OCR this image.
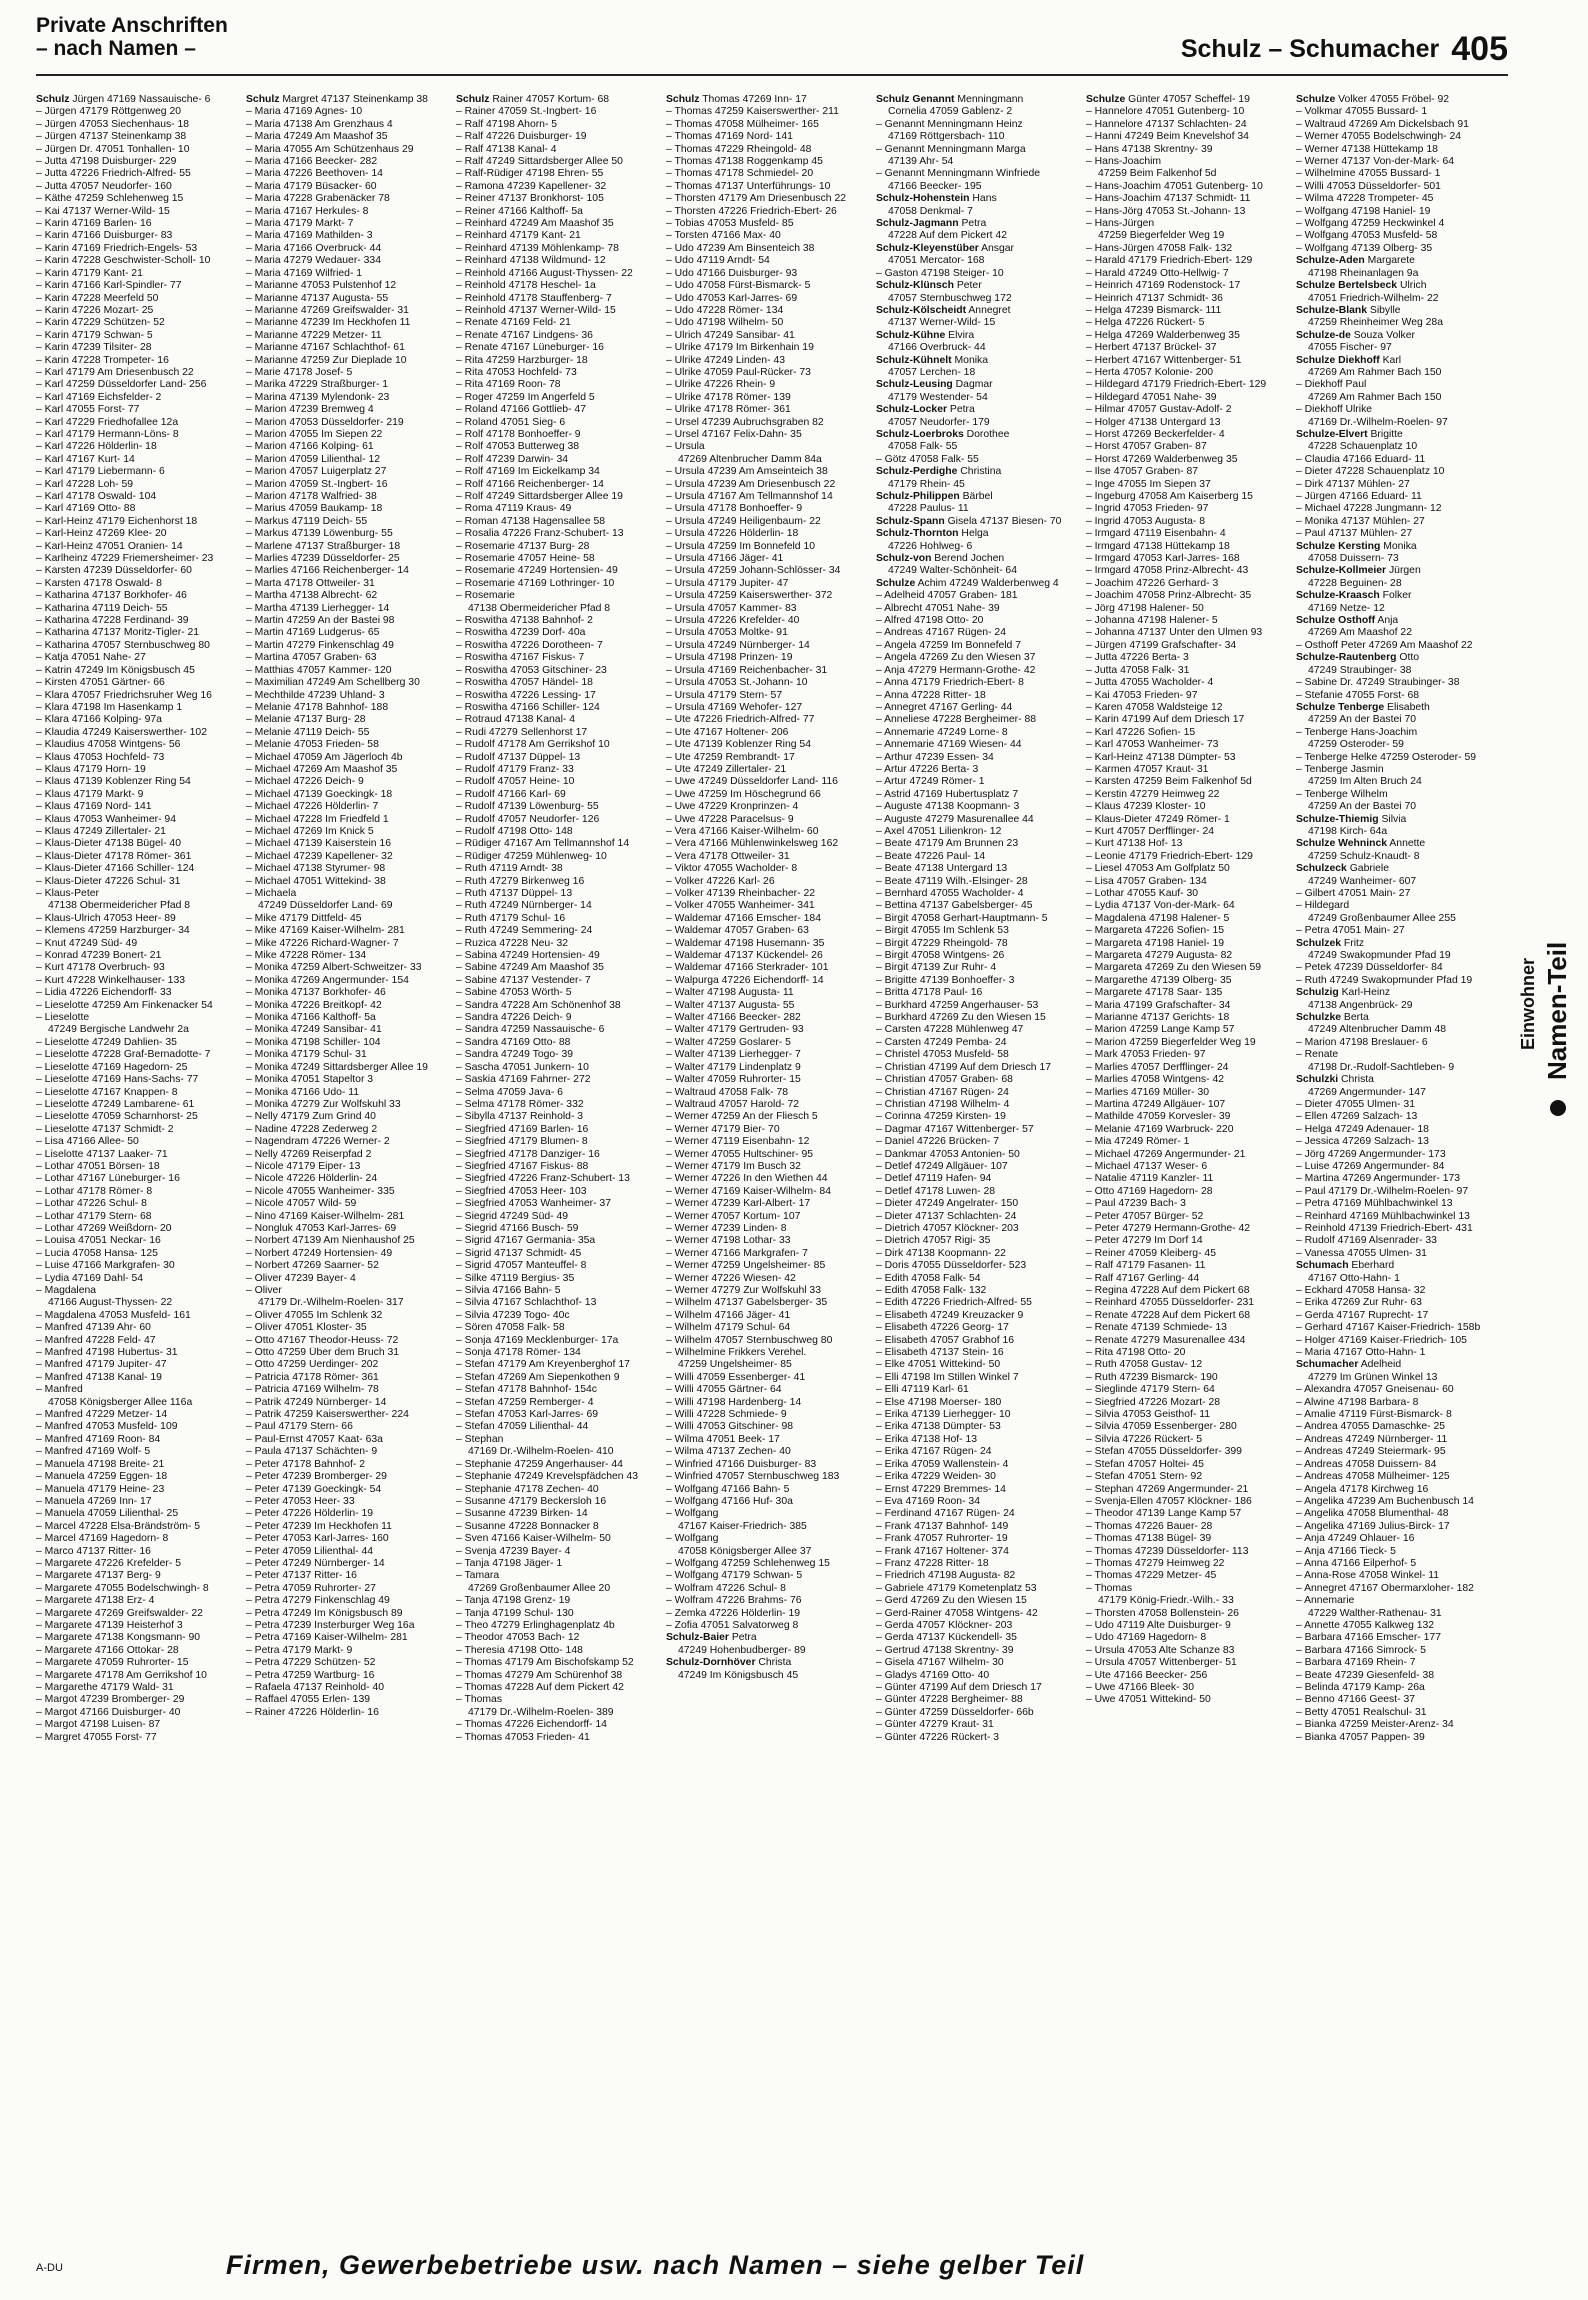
Private Anschriften
– nach Namen –	Schulz – Schumacher 405
Schulz Jürgen 47169 Nassauische- 6
– Jürgen 47179 Röttgenweg 20
– Jürgen 47053 Siechenhaus- 18
– Jürgen 47137 Steinenkamp 38
– Jürgen Dr. 47051 Tonhallen- 10
– Jutta 47198 Duisburger- 229
– Jutta 47226 Friedrich-Alfred- 55
– Jutta 47057 Neudorfer- 160
– Käthe 47259 Schlehenweg 15
– Kai 47137 Werner-Wild- 15
– Karin 47169 Barlen- 16
– Karin 47166 Duisburger- 83
– Karin 47169 Friedrich-Engels- 53
– Karin 47228 Geschwister-Scholl- 10
– Karin 47179 Kant- 21
– Karin 47166 Karl-Spindler- 77
– Karin 47228 Meerfeld 50
– Karin 47226 Mozart- 25
– Karin 47229 Schützen- 52
– Karin 47179 Schwan- 5
– Karin 47239 Tilsiter- 28
– Karin 47228 Trompeter- 16
– Karl 47179 Am Driesenbusch 22
– Karl 47259 Düsseldorfer Land- 256
– Karl 47169 Eichsfelder- 2
– Karl 47055 Forst- 77
– Karl 47229 Friedhofallee 12a
– Karl 47179 Hermann-Löns- 8
– Karl 47226 Hölderlin- 18
– Karl 47167 Kurt- 14
– Karl 47179 Liebermann- 6
– Karl 47228 Loh- 59
– Karl 47178 Oswald- 104
– Karl 47169 Otto- 88
– Karl-Heinz 47179 Eichenhorst 18
– Karl-Heinz 47269 Klee- 20
– Karl-Heinz 47051 Oranien- 14
– Karlheinz 47229 Friemersheimer- 23
– Karsten 47239 Düsseldorfer- 60
– Karsten 47178 Oswald- 8
– Katharina 47137 Borkhofer- 46
– Katharina 47119 Deich- 55
– Katharina 47228 Ferdinand- 39
– Katharina 47137 Moritz-Tigler- 21
– Katharina 47057 Sternbuschweg 80
– Katja 47051 Nahe- 27
– Katrin 47249 Im Königsbusch 45
– Kirsten 47051 Gärtner- 66
– Klara 47057 Friedrichsruher Weg 16
– Klara 47198 Im Hasenkamp 1
– Klara 47166 Kolping- 97a
– Klaudia 47249 Kaiserswerther- 102
– Klaudius 47058 Wintgens- 56
– Klaus 47053 Hochfeld- 73
– Klaus 47179 Horn- 19
– Klaus 47139 Koblenzer Ring 54
– Klaus 47179 Markt- 9
– Klaus 47169 Nord- 141
– Klaus 47053 Wanheimer- 94
– Klaus 47249 Zillertaler- 21
– Klaus-Dieter 47138 Bügel- 40
– Klaus-Dieter 47178 Römer- 361
– Klaus-Dieter 47166 Schiller- 124
– Klaus-Dieter 47226 Schul- 31
– Klaus-Peter
47138 Obermeidericher Pfad 8
– Klaus-Ulrich 47053 Heer- 89
– Klemens 47259 Harzburger- 34
– Knut 47249 Süd- 49
– Konrad 47239 Bonert- 21
– Kurt 47178 Overbruch- 93
– Kurt 47228 Winkelhauser- 133
– Lidia 47226 Eichendorff- 33
– Lieselotte 47259 Am Finkenacker 54
– Lieselotte
47249 Bergische Landwehr 2a
– Lieselotte 47249 Dahlien- 35
– Lieselotte 47228 Graf-Bernadotte- 7
– Lieselotte 47169 Hagedorn- 25
– Lieselotte 47169 Hans-Sachs- 77
– Lieselotte 47167 Knappen- 8
– Lieselotte 47249 Lambarene- 61
– Lieselotte 47059 Scharnhorst- 25
– Lieselotte 47137 Schmidt- 2
– Lisa 47166 Allee- 50
– Liselotte 47137 Laaker- 71
– Lothar 47051 Börsen- 18
– Lothar 47167 Lüneburger- 16
– Lothar 47178 Römer- 8
– Lothar 47226 Schul- 8
– Lothar 47179 Stern- 68
– Lothar 47269 Weißdorn- 20
– Louisa 47051 Neckar- 16
– Lucia 47058 Hansa- 125
– Luise 47166 Markgrafen- 30
– Lydia 47169 Dahl- 54
– Magdalena
47166 August-Thyssen- 22
– Magdalena 47053 Musfeld- 161
– Manfred 47139 Ahr- 60
– Manfred 47228 Feld- 47
– Manfred 47198 Hubertus- 31
– Manfred 47179 Jupiter- 47
– Manfred 47138 Kanal- 19
– Manfred
47058 Königsberger Allee 116a
– Manfred 47229 Metzer- 14
– Manfred 47053 Musfeld- 109
– Manfred 47169 Roon- 84
– Manfred 47169 Wolf- 5
– Manuela 47198 Breite- 21
– Manuela 47259 Eggen- 18
– Manuela 47179 Heine- 23
– Manuela 47269 Inn- 17
– Manuela 47059 Lilienthal- 25
– Marcel 47228 Elsa-Brändström- 5
– Marcel 47169 Hagedorn- 8
– Marco 47137 Ritter- 16
– Margarete 47226 Krefelder- 5
– Margarete 47137 Berg- 9
– Margarete 47055 Bodelschwingh- 8
– Margarete 47138 Erz- 4
– Margarete 47269 Greifswalder- 22
– Margarete 47139 Heisterhof 3
– Margarete 47138 Kongsmann- 90
– Margarete 47166 Ottokar- 28
– Margarete 47059 Ruhrorter- 15
– Margarete 47178 Am Gerrikshof 10
– Margarethe 47179 Wald- 31
– Margot 47239 Bromberger- 29
– Margot 47166 Duisburger- 40
– Margot 47198 Luisen- 87
– Margret 47055 Forst- 77
Schulz Margret 47137 Steinenkamp 38
– Maria 47169 Agnes- 10
– Maria 47138 Am Grenzhaus 4
– Maria 47249 Am Maashof 35
– Maria 47055 Am Schützenhaus 29
– Maria 47166 Beecker- 282
– Maria 47226 Beethoven- 14
– Maria 47179 Büsacker- 60
– Maria 47228 Grabenäcker 78
– Maria 47167 Herkules- 8
– Maria 47179 Markt- 7
– Maria 47169 Mathilden- 3
– Maria 47166 Overbruck- 44
– Maria 47279 Wedauer- 334
– Maria 47169 Wilfried- 1
– Marianne 47053 Pulstenhof 12
– Marianne 47137 Augusta- 55
– Marianne 47269 Greifswalder- 31
– Marianne 47239 Im Heckhofen 11
– Marianne 47229 Metzer- 11
– Marianne 47167 Schlachthof- 61
– Marianne 47259 Zur Dieplade 10
– Marie 47178 Josef- 5
– Marika 47229 Straßburger- 1
– Marina 47139 Mylendonk- 23
– Marion 47239 Bremweg 4
– Marion 47053 Düsseldorfer- 219
– Marion 47055 Im Siepen 22
– Marion 47166 Kolping- 61
– Marion 47059 Lilienthal- 12
– Marion 47057 Luigerplatz 27
– Marion 47059 St.-Ingbert- 16
– Marion 47178 Walfried- 38
– Marius 47059 Baukamp- 18
– Markus 47119 Deich- 55
– Markus 47139 Löwenburg- 55
– Marlene 47137 Straßburger- 18
– Marlies 47239 Düsseldorfer- 25
– Marlies 47166 Reichenberger- 14
– Marta 47178 Ottweiler- 31
– Martha 47138 Albrecht- 62
– Martha 47139 Lierhegger- 14
– Martin 47259 An der Bastei 98
– Martin 47169 Ludgerus- 65
– Martin 47279 Finkenschlag 49
– Martina 47057 Graben- 63
– Matthias 47057 Kammer- 120
– Maximilian 47249 Am Schellberg 30
– Mechthilde 47239 Uhland- 3
– Melanie 47178 Bahnhof- 188
– Melanie 47137 Burg- 28
– Melanie 47119 Deich- 55
– Melanie 47053 Frieden- 58
– Michael 47059 Am Jägerloch 4b
– Michael 47269 Am Maashof 35
– Michael 47226 Deich- 9
– Michael 47139 Goeckingk- 18
– Michael 47226 Hölderlin- 7
– Michael 47228 Im Friedfeld 1
– Michael 47269 Im Knick 5
– Michael 47139 Kaiserstein 16
– Michael 47239 Kapellener- 32
– Michael 47138 Styrumer- 98
– Michael 47051 Wittekind- 38
– Michaela
47249 Düsseldorfer Land- 69
– Mike 47179 Dittfeld- 45
– Mike 47169 Kaiser-Wilhelm- 281
– Mike 47226 Richard-Wagner- 7
– Mike 47228 Römer- 134
– Monika 47259 Albert-Schweitzer- 33
– Monika 47269 Angermunder- 154
– Monika 47137 Borkhofer- 46
– Monika 47226 Breitkopf- 42
– Monika 47166 Kalthoff- 5a
– Monika 47249 Sansibar- 41
– Monika 47198 Schiller- 104
– Monika 47179 Schul- 31
– Monika 47249 Sittardsberger Allee 19
– Monika 47051 Stapeltor 3
– Monika 47166 Udo- 11
– Monika 47279 Zur Wolfskuhl 33
– Nelly 47179 Zum Grind 40
– Nadine 47228 Zederweg 2
– Nagendram 47226 Werner- 2
– Nelly 47269 Reiserpfad 2
– Nicole 47179 Eiper- 13
– Nicole 47226 Hölderlin- 24
– Nicole 47055 Wanheimer- 335
– Nicole 47057 Wild- 59
– Nino 47169 Kaiser-Wilhelm- 281
– Nongluk 47053 Karl-Jarres- 69
– Norbert 47139 Am Nienhaushof 25
– Norbert 47249 Hortensien- 49
– Norbert 47269 Saarner- 52
– Oliver 47239 Bayer- 4
– Oliver
47179 Dr.-Wilhelm-Roelen- 317
– Oliver 47055 Im Schlenk 32
– Oliver 47051 Kloster- 35
– Otto 47167 Theodor-Heuss- 72
– Otto 47259 Über dem Bruch 31
– Otto 47259 Uerdinger- 202
– Patricia 47178 Römer- 361
– Patricia 47169 Wilhelm- 78
– Patrik 47249 Nürnberger- 14
– Patrik 47259 Kaiserswerther- 224
– Paul 47179 Stern- 66
– Paul-Ernst 47057 Kaat- 63a
– Paula 47137 Schächten- 9
– Peter 47178 Bahnhof- 2
– Peter 47239 Bromberger- 29
– Peter 47139 Goeckingk- 54
– Peter 47053 Heer- 33
– Peter 47226 Hölderlin- 19
– Peter 47239 Im Heckhofen 11
– Peter 47053 Karl-Jarres- 160
– Peter 47059 Lilienthal- 44
– Peter 47249 Nürnberger- 14
– Peter 47137 Ritter- 16
– Petra 47059 Ruhrorter- 27
– Petra 47279 Finkenschlag 49
– Petra 47249 Im Königsbusch 89
– Petra 47239 Insterburger Weg 16a
– Petra 47169 Kaiser-Wilhelm- 281
– Petra 47179 Markt- 9
– Petra 47229 Schützen- 52
– Petra 47259 Wartburg- 16
– Rafaela 47137 Reinhold- 40
– Raffael 47055 Erlen- 139
– Rainer 47226 Hölderlin- 16
Schulz Rainer 47057 Kortum- 68
– Rainer 47059 St.-Ingbert- 16
– Ralf 47198 Ahorn- 5
– Ralf 47226 Duisburger- 19
– Ralf 47138 Kanal- 4
– Ralf 47249 Sittardsberger Allee 50
– Ralf-Rüdiger 47198 Ehren- 55
– Ramona 47239 Kapellener- 32
– Reiner 47137 Bronkhorst- 105
– Reiner 47166 Kalthoff- 5a
– Reinhard 47249 Am Maashof 35
– Reinhard 47179 Kant- 21
– Reinhard 47139 Möhlenkamp- 78
– Reinhard 47138 Wildmund- 12
– Reinhold 47166 August-Thyssen- 22
– Reinhold 47178 Heschel- 1a
– Reinhold 47178 Stauffenberg- 7
– Reinhold 47137 Werner-Wild- 15
– Renate 47169 Feld- 21
– Renate 47167 Lindgens- 36
– Renate 47167 Lüneburger- 16
– Rita 47259 Harzburger- 18
– Rita 47053 Hochfeld- 73
– Rita 47169 Roon- 78
– Roger 47259 Im Angerfeld 5
– Roland 47166 Gottlieb- 47
– Roland 47051 Sieg- 6
– Rolf 47178 Bonhoeffer- 9
– Rolf 47053 Butterweg 38
– Rolf 47239 Darwin- 34
– Rolf 47169 Im Eickelkamp 34
– Rolf 47166 Reichenberger- 14
– Rolf 47249 Sittardsberger Allee 19
– Roma 47119 Kraus- 49
– Roman 47138 Hagensallee 58
– Rosalia 47226 Franz-Schubert- 13
– Rosemarie 47137 Burg- 28
– Rosemarie 47057 Heine- 58
– Rosemarie 47249 Hortensien- 49
– Rosemarie 47169 Lothringer- 10
– Rosemarie
47138 Obermeidericher Pfad 8
– Roswitha 47138 Bahnhof- 2
– Roswitha 47239 Dorf- 40a
– Roswitha 47226 Dorotheen- 7
– Roswitha 47167 Fiskus- 7
– Roswitha 47053 Gitschiner- 23
– Roswitha 47057 Händel- 18
– Roswitha 47226 Lessing- 17
– Roswitha 47166 Schiller- 124
– Rotraud 47138 Kanal- 4
– Rudi 47279 Sellenhorst 17
– Rudolf 47178 Am Gerrikshof 10
– Rudolf 47137 Düppel- 13
– Rudolf 47179 Franz- 33
– Rudolf 47057 Heine- 10
– Rudolf 47166 Karl- 69
– Rudolf 47139 Löwenburg- 55
– Rudolf 47057 Neudorfer- 126
– Rudolf 47198 Otto- 148
– Rüdiger 47167 Am Tellmannshof 14
– Rüdiger 47259 Mühlenweg- 10
– Ruth 47119 Arndt- 38
– Ruth 47279 Birkenweg 16
– Ruth 47137 Düppel- 13
– Ruth 47249 Nürnberger- 14
– Ruth 47179 Schul- 16
– Ruth 47249 Semmering- 24
– Ruzica 47228 Neu- 32
– Sabina 47249 Hortensien- 49
– Sabine 47249 Am Maashof 35
– Sabine 47137 Vestender- 7
– Sabine 47053 Wörth- 5
– Sandra 47228 Am Schönenhof 38
– Sandra 47226 Deich- 9
– Sandra 47259 Nassauische- 6
– Sandra 47169 Otto- 88
– Sandra 47249 Togo- 39
– Sascha 47051 Junkern- 10
– Saskia 47169 Fahrner- 272
– Selma 47059 Java- 6
– Selma 47178 Römer- 332
– Sibylla 47137 Reinhold- 3
– Siegfried 47169 Barlen- 16
– Siegfried 47179 Blumen- 8
– Siegfried 47178 Danziger- 16
– Siegfried 47167 Fiskus- 88
– Siegfried 47226 Franz-Schubert- 13
– Siegfried 47053 Heer- 103
– Siegfried 47053 Wanheimer- 37
– Siegrid 47249 Süd- 49
– Siegrid 47166 Busch- 59
– Sigrid 47167 Germania- 35a
– Sigrid 47137 Schmidt- 45
– Sigrid 47057 Manteuffel- 8
– Silke 47119 Bergius- 35
– Silvia 47166 Bahn- 5
– Silvia 47167 Schlachthof- 13
– Silvia 47239 Togo- 40c
– Sören 47058 Falk- 58
– Sonja 47169 Mecklenburger- 17a
– Sonja 47178 Römer- 134
– Stefan 47179 Am Kreyenberghof 17
– Stefan 47269 Am Siepenkothen 9
– Stefan 47178 Bahnhof- 154c
– Stefan 47259 Remberger- 4
– Stefan 47053 Karl-Jarres- 69
– Stefan 47059 Lilienthal- 44
– Stephan
47169 Dr.-Wilhelm-Roelen- 410
– Stephanie 47259 Angerhauser- 44
– Stephanie 47249 Krevelspfädchen 43
– Stephanie 47178 Zechen- 40
– Susanne 47179 Beckersloh 16
– Susanne 47239 Birken- 14
– Susanne 47228 Bonnacker 8
– Sven 47166 Kaiser-Wilhelm- 50
– Svenja 47239 Bayer- 4
– Tanja 47198 Jäger- 1
– Tamara
47269 Großenbaumer Allee 20
– Tanja 47198 Grenz- 19
– Tanja 47199 Schul- 130
– Theo 47279 Erlinghagenplatz 4b
– Theodor 47053 Bach- 12
– Theresia 47198 Otto- 148
– Thomas 47179 Am Bischofskamp 52
– Thomas 47279 Am Schürenhof 38
– Thomas 47228 Auf dem Pickert 42
– Thomas
47179 Dr.-Wilhelm-Roelen- 389
– Thomas 47226 Eichendorff- 14
– Thomas 47053 Frieden- 41
Schulz Thomas 47269 Inn- 17
– Thomas 47259 Kaiserswerther- 211
– Thomas 47058 Mülheimer- 165
– Thomas 47169 Nord- 141
– Thomas 47229 Rheingold- 48
– Thomas 47138 Roggenkamp 45
– Thomas 47178 Schmiedel- 20
– Thomas 47137 Unterführungs- 10
– Thorsten 47179 Am Driesenbusch 22
– Thorsten 47226 Friedrich-Ebert- 26
– Tobias 47053 Musfeld- 85
– Torsten 47166 Max- 40
– Udo 47239 Am Binsenteich 38
– Udo 47119 Arndt- 54
– Udo 47166 Duisburger- 93
– Udo 47058 Fürst-Bismarck- 5
– Udo 47053 Karl-Jarres- 69
– Udo 47228 Römer- 134
– Udo 47198 Wilhelm- 50
– Ulrich 47249 Sansibar- 41
– Ulrike 47179 Im Birkenhain 19
– Ulrike 47249 Linden- 43
– Ulrike 47059 Paul-Rücker- 73
– Ulrike 47226 Rhein- 9
– Ulrike 47178 Römer- 139
– Ulrike 47178 Römer- 361
– Ursel 47239 Aubruchsgraben 82
– Ursel 47167 Felix-Dahn- 35
– Ursula
47269 Altenbrucher Damm 84a
– Ursula 47239 Am Amseinteich 38
– Ursula 47239 Am Driesenbusch 22
– Ursula 47167 Am Tellmannshof 14
– Ursula 47178 Bonhoeffer- 9
– Ursula 47249 Heiligenbaum- 22
– Ursula 47226 Hölderlin- 18
– Ursula 47259 Im Bonnefeld 10
– Ursula 47166 Jäger- 41
– Ursula 47259 Johann-Schlösser- 34
– Ursula 47179 Jupiter- 47
– Ursula 47259 Kaiserswerther- 372
– Ursula 47057 Kammer- 83
– Ursula 47226 Krefelder- 40
– Ursula 47053 Moltke- 91
– Ursula 47249 Nürnberger- 14
– Ursula 47198 Prinzen- 19
– Ursula 47169 Reichenbacher- 31
– Ursula 47053 St.-Johann- 10
– Ursula 47179 Stern- 57
– Ursula 47169 Wehofer- 127
– Ute 47226 Friedrich-Alfred- 77
– Ute 47167 Holtener- 206
– Ute 47139 Koblenzer Ring 54
– Ute 47259 Rembrandt- 17
– Ute 47249 Zillertaler- 21
– Uwe 47249 Düsseldorfer Land- 116
– Uwe 47259 Im Höschegrund 66
– Uwe 47229 Kronprinzen- 4
– Uwe 47228 Paracelsus- 9
– Vera 47166 Kaiser-Wilhelm- 60
– Vera 47166 Mühlenwinkelsweg 162
– Vera 47178 Ottweiler- 31
– Viktor 47055 Wacholder- 8
– Volker 47226 Karl- 26
– Volker 47139 Rheinbacher- 22
– Volker 47055 Wanheimer- 341
– Waldemar 47166 Emscher- 184
– Waldemar 47057 Graben- 63
– Waldemar 47198 Husemann- 35
– Waldemar 47137 Kückendel- 26
– Waldemar 47166 Sterkrader- 101
– Walpurga 47226 Eichendorff- 14
– Walter 47198 Augusta- 11
– Walter 47137 Augusta- 55
– Walter 47166 Beecker- 282
– Walter 47179 Gertruden- 93
– Walter 47259 Goslarer- 5
– Walter 47139 Lierhegger- 7
– Walter 47179 Lindenplatz 9
– Walter 47059 Ruhrorter- 15
– Waltraud 47058 Falk- 78
– Waltraud 47057 Harold- 72
– Werner 47259 An der Fliesch 5
– Werner 47179 Bier- 70
– Werner 47119 Eisenbahn- 12
– Werner 47055 Hultschiner- 95
– Werner 47179 Im Busch 32
– Werner 47226 In den Wiethen 44
– Werner 47169 Kaiser-Wilhelm- 84
– Werner 47239 Karl-Albert- 17
– Werner 47057 Kortum- 107
– Werner 47239 Linden- 8
– Werner 47198 Lothar- 33
– Werner 47166 Markgrafen- 7
– Werner 47259 Ungelsheimer- 85
– Werner 47226 Wiesen- 42
– Werner 47279 Zur Wolfskuhl 33
– Wilhelm 47137 Gabelsberger- 35
– Wilhelm 47166 Jäger- 41
– Wilhelm 47179 Schul- 64
– Wilhelm 47057 Sternbuschweg 80
– Wilhelmine Frikkers Verehel.
47259 Ungelsheimer- 85
– Willi 47059 Essenberger- 41
– Willi 47055 Gärtner- 64
– Willi 47198 Hardenberg- 14
– Willi 47228 Schmiede- 9
– Willi 47053 Gitschiner- 98
– Wilma 47051 Beek- 17
– Wilma 47137 Zechen- 40
– Winfried 47166 Duisburger- 83
– Winfried 47057 Sternbuschweg 183
– Wolfgang 47166 Bahn- 5
– Wolfgang 47166 Huf- 30a
– Wolfgang
47167 Kaiser-Friedrich- 385
– Wolfgang
47058 Königsberger Allee 37
– Wolfgang 47259 Schlehenweg 15
– Wolfgang 47179 Schwan- 5
– Wolfram 47226 Schul- 8
– Wolfram 47226 Brahms- 76
– Zemka 47226 Hölderlin- 19
– Zofia 47051 Salvatorweg 8
Schulz-Baier Petra
47249 Hohenbudberger- 89
Schulz-Dornhöver Christa
47249 Im Königsbusch 45
Schulz Genannt Menningmann
Cornelia 47059 Gablenz- 2
– Genannt Menningmann Heinz
47169 Röttgersbach- 110
– Genannt Menningmann Marga
47139 Ahr- 54
– Genannt Menningmann Winfriede
47166 Beecker- 195
Schulz-Hohenstein Hans
47058 Denkmal- 7
Schulz-Jagmann Petra
47228 Auf dem Pickert 42
Schulz-Kleyenstüber Ansgar
47051 Mercator- 168
– Gaston 47198 Steiger- 10
Schulz-Klünsch Peter
47057 Sternbuschweg 172
Schulz-Kölscheidt Annegret
47137 Werner-Wild- 15
Schulz-Kühne Elvira
47166 Overbruck- 44
Schulz-Kühnelt Monika
47057 Lerchen- 18
Schulz-Leusing Dagmar
47179 Westender- 54
Schulz-Locker Petra
47057 Neudorfer- 179
Schulz-Loerbroks Dorothee
47058 Falk- 55
– Götz 47058 Falk- 55
Schulz-Perdighe Christina
47179 Rhein- 45
Schulz-Philippen Bärbel
47228 Paulus- 11
Schulz-Spann Gisela 47137 Biesen- 70
Schulz-Thornton Helga
47226 Hohlweg- 6
Schulz-von Berend Jochen
47249 Walter-Schönheit- 64
Schulze Achim 47249 Walderbenweg 4
– Adelheid 47057 Graben- 181
– Albrecht 47051 Nahe- 39
– Alfred 47198 Otto- 20
– Andreas 47167 Rügen- 24
– Angela 47259 Im Bonnefeld 7
– Angela 47269 Zu den Wiesen 37
– Anja 47279 Hermann-Grothe- 42
– Anna 47179 Friedrich-Ebert- 8
– Anna 47228 Ritter- 18
– Annegret 47167 Gerling- 44
– Anneliese 47228 Bergheimer- 88
– Annemarie 47249 Lorne- 8
– Annemarie 47169 Wiesen- 44
– Arthur 47239 Essen- 34
– Artur 47226 Berta- 3
– Artur 47249 Römer- 1
– Astrid 47169 Hubertusplatz 7
– Auguste 47138 Koopmann- 3
– Auguste 47279 Masurenallee 44
– Axel 47051 Lilienkron- 12
– Beate 47179 Am Brunnen 23
– Beate 47226 Paul- 14
– Beate 47138 Untergard 13
– Beate 47119 Wilh.-Elsinger- 28
– Bernhard 47055 Wacholder- 4
– Bettina 47137 Gabelsberger- 45
– Birgit 47058 Gerhart-Hauptmann- 5
– Birgit 47055 Im Schlenk 53
– Birgit 47229 Rheingold- 78
– Birgit 47058 Wintgens- 26
– Birgit 47139 Zur Ruhr- 4
– Brigitte 47139 Bonhoeffer- 3
– Britta 47178 Paul- 16
– Burkhard 47259 Angerhauser- 53
– Burkhard 47269 Zu den Wiesen 15
– Carsten 47228 Mühlenweg 47
– Carsten 47249 Pemba- 24
– Christel 47053 Musfeld- 58
– Christian 47199 Auf dem Driesch 17
– Christian 47057 Graben- 68
– Christian 47167 Rügen- 24
– Christian 47198 Wilhelm- 4
– Corinna 47259 Kirsten- 19
– Dagmar 47167 Wittenberger- 57
– Daniel 47226 Brücken- 7
– Dankmar 47053 Antonien- 50
– Detlef 47249 Allgäuer- 107
– Detlef 47119 Hafen- 94
– Detlef 47178 Luwen- 28
– Dieter 47249 Angelrater- 150
– Dieter 47137 Schlachten- 24
– Dietrich 47057 Klöckner- 203
– Dietrich 47057 Rigi- 35
– Dirk 47138 Koopmann- 22
– Doris 47055 Düsseldorfer- 523
– Edith 47058 Falk- 54
– Edith 47058 Falk- 132
– Edith 47226 Friedrich-Alfred- 55
– Elisabeth 47249 Kreuzacker 9
– Elisabeth 47226 Georg- 17
– Elisabeth 47057 Grabhof 16
– Elisabeth 47137 Stein- 16
– Elke 47051 Wittekind- 50
– Elli 47198 Im Stillen Winkel 7
– Elli 47119 Karl- 61
– Else 47198 Moerser- 180
– Erika 47139 Lierhegger- 10
– Erika 47138 Dümpter- 53
– Erika 47138 Hof- 13
– Erika 47167 Rügen- 24
– Erika 47059 Wallenstein- 4
– Erika 47229 Weiden- 30
– Ernst 47229 Bremmes- 14
– Eva 47169 Roon- 34
– Ferdinand 47167 Rügen- 24
– Frank 47137 Bahnhof- 149
– Frank 47057 Ruhrorter- 19
– Frank 47167 Holtener- 374
– Franz 47228 Ritter- 18
– Friedrich 47198 Augusta- 82
– Gabriele 47179 Kometenplatz 53
– Gerd 47269 Zu den Wiesen 15
– Gerd-Rainer 47058 Wintgens- 42
– Gerda 47057 Klöckner- 203
– Gerda 47137 Kückendell- 35
– Gertrud 47138 Skrentny- 39
– Gisela 47167 Wilhelm- 30
– Gladys 47169 Otto- 40
– Günter 47199 Auf dem Driesch 17
– Günter 47228 Bergheimer- 88
– Günter 47259 Düsseldorfer- 66b
– Günter 47279 Kraut- 31
– Günter 47226 Rückert- 3
Schulze Günter 47057 Scheffel- 19
– Hannelore 47051 Gutenberg- 10
– Hannelore 47137 Schlachten- 24
– Hanni 47249 Beim Knevelshof 34
– Hans 47138 Skrentny- 39
– Hans-Joachim
47259 Beim Falkenhof 5d
– Hans-Joachim 47051 Gutenberg- 10
– Hans-Joachim 47137 Schmidt- 11
– Hans-Jörg 47053 St.-Johann- 13
– Hans-Jürgen
47259 Biegerfelder Weg 19
– Hans-Jürgen 47058 Falk- 132
– Harald 47179 Friedrich-Ebert- 129
– Harald 47249 Otto-Hellwig- 7
– Heinrich 47169 Rodenstock- 17
– Heinrich 47137 Schmidt- 36
– Helga 47239 Bismarck- 111
– Helga 47226 Rückert- 5
– Helga 47269 Walderbenweg 35
– Herbert 47137 Brückel- 37
– Herbert 47167 Wittenberger- 51
– Herta 47057 Kolonie- 200
– Hildegard 47179 Friedrich-Ebert- 129
– Hildegard 47051 Nahe- 39
– Hilmar 47057 Gustav-Adolf- 2
– Holger 47138 Untergard 13
– Horst 47269 Beckerfelder- 4
– Horst 47057 Graben- 87
– Horst 47269 Walderbenweg 35
– Ilse 47057 Graben- 87
– Inge 47055 Im Siepen 37
– Ingeburg 47058 Am Kaiserberg 15
– Ingrid 47053 Frieden- 97
– Ingrid 47053 Augusta- 8
– Irmgard 47119 Eisenbahn- 4
– Irmgard 47138 Hüttekamp 18
– Irmgard 47053 Karl-Jarres- 168
– Irmgard 47058 Prinz-Albrecht- 43
– Joachim 47226 Gerhard- 3
– Joachim 47058 Prinz-Albrecht- 35
– Jörg 47198 Halener- 50
– Johanna 47198 Halener- 5
– Johanna 47137 Unter den Ulmen 93
– Jürgen 47199 Grafschafter- 34
– Jutta 47226 Berta- 3
– Jutta 47058 Falk- 31
– Jutta 47055 Wacholder- 4
– Kai 47053 Frieden- 97
– Karen 47058 Waldsteige 12
– Karin 47199 Auf dem Driesch 17
– Karl 47226 Sofien- 15
– Karl 47053 Wanheimer- 73
– Karl-Heinz 47138 Dümpter- 53
– Karmen 47057 Kraut- 31
– Karsten 47259 Beim Falkenhof 5d
– Kerstin 47279 Heimweg 22
– Klaus 47239 Kloster- 10
– Klaus-Dieter 47249 Römer- 1
– Kurt 47057 Derfflinger- 24
– Kurt 47138 Hof- 13
– Leonie 47179 Friedrich-Ebert- 129
– Liesel 47053 Am Golfplatz 50
– Lisa 47057 Graben- 134
– Lothar 47055 Kauf- 30
– Lydia 47137 Von-der-Mark- 64
– Magdalena 47198 Halener- 5
– Margareta 47226 Sofien- 15
– Margareta 47198 Haniel- 19
– Margareta 47279 Augusta- 82
– Margareta 47269 Zu den Wiesen 59
– Margarethe 47139 Olberg- 35
– Margarete 47178 Saar- 135
– Maria 47199 Grafschafter- 34
– Marianne 47137 Gerichts- 18
– Marion 47259 Lange Kamp 57
– Marion 47259 Biegerfelder Weg 19
– Mark 47053 Frieden- 97
– Marlies 47057 Derfflinger- 24
– Marlies 47058 Wintgens- 42
– Marlies 47169 Müller- 30
– Martina 47249 Allgäuer- 107
– Mathilde 47059 Korvesler- 39
– Melanie 47169 Warbruck- 220
– Mia 47249 Römer- 1
– Michael 47269 Angermunder- 21
– Michael 47137 Weser- 6
– Natalie 47119 Kanzler- 11
– Otto 47169 Hagedorn- 28
– Paul 47239 Bach- 3
– Peter 47057 Bürger- 52
– Peter 47279 Hermann-Grothe- 42
– Peter 47279 Im Dorf 14
– Reiner 47059 Kleiberg- 45
– Ralf 47179 Fasanen- 11
– Ralf 47167 Gerling- 44
– Regina 47228 Auf dem Pickert 68
– Reinhard 47055 Düsseldorfer- 231
– Renate 47228 Auf dem Pickert 68
– Renate 47139 Schmiede- 13
– Renate 47279 Masurenallee 434
– Rita 47198 Otto- 20
– Ruth 47058 Gustav- 12
– Ruth 47239 Bismarck- 190
– Sieglinde 47179 Stern- 64
– Siegfried 47226 Mozart- 28
– Silvia 47053 Geisthof- 11
– Silvia 47059 Essenberger- 280
– Silvia 47226 Rückert- 5
– Stefan 47055 Düsseldorfer- 399
– Stefan 47057 Holtei- 45
– Stefan 47051 Stern- 92
– Stephan 47269 Angermunder- 21
– Svenja-Ellen 47057 Klöckner- 186
– Theodor 47139 Lange Kamp 57
– Thomas 47226 Bauer- 28
– Thomas 47138 Bügel- 39
– Thomas 47239 Düsseldorfer- 113
– Thomas 47279 Heimweg 22
– Thomas 47229 Metzer- 45
– Thomas
47179 König-Friedr.-Wilh.- 33
– Thorsten 47058 Bollenstein- 26
– Udo 47119 Alte Duisburger- 9
– Udo 47169 Hagedorn- 8
– Ursula 47053 Alte Schanze 83
– Ursula 47057 Wittenberger- 51
– Ute 47166 Beecker- 256
– Uwe 47166 Bleek- 30
– Uwe 47051 Wittekind- 50
Schulze Volker 47055 Fröbel- 92
– Volkmar 47055 Bussard- 1
– Waltraud 47269 Am Dickelsbach 91
– Werner 47055 Bodelschwingh- 24
– Werner 47138 Hüttekamp 18
– Werner 47137 Von-der-Mark- 64
– Wilhelmine 47055 Bussard- 1
– Willi 47053 Düsseldorfer- 501
– Wilma 47228 Trompeter- 45
– Wolfgang 47198 Haniel- 19
– Wolfgang 47259 Heckwinkel 4
– Wolfgang 47053 Musfeld- 58
– Wolfgang 47139 Olberg- 35
Schulze-Aden Margarete
47198 Rheinanlagen 9a
Schulze Bertelsbeck Ulrich
47051 Friedrich-Wilhelm- 22
Schulze-Blank Sibylle
47259 Rheinheimer Weg 28a
Schulze-de Souza Volker
47055 Fischer- 97
Schulze Diekhoff Karl
47269 Am Rahmer Bach 150
– Diekhoff Paul
47269 Am Rahmer Bach 150
– Diekhoff Ulrike
47169 Dr.-Wilhelm-Roelen- 97
Schulze-Elvert Brigitte
47228 Schauenplatz 10
– Claudia 47166 Eduard- 11
– Dieter 47228 Schauenplatz 10
– Dirk 47137 Mühlen- 27
– Jürgen 47166 Eduard- 11
– Michael 47228 Jungmann- 12
– Monika 47137 Mühlen- 27
– Paul 47137 Mühlen- 27
Schulze Kersting Monika
47058 Duissern- 73
Schulze-Kollmeier Jürgen
47228 Beguinen- 28
Schulze-Kraasch Folker
47169 Netze- 12
Schulze Osthoff Anja
47269 Am Maashof 22
– Osthoff Peter 47269 Am Maashof 22
Schulze-Rautenberg Otto
47249 Straubinger- 38
– Sabine Dr. 47249 Straubinger- 38
– Stefanie 47055 Forst- 68
Schulze Tenberge Elisabeth
47259 An der Bastei 70
– Tenberge Hans-Joachim
47259 Osteroder- 59
– Tenberge Helke 47259 Osteroder- 59
– Tenberge Jasmin
47259 Im Alten Bruch 24
– Tenberge Wilhelm
47259 An der Bastei 70
Schulze-Thiemig Silvia
47198 Kirch- 64a
Schulze Wehninck Annette
47259 Schulz-Knaudt- 8
Schulzeck Gabriele
47249 Wanheimer- 607
– Gilbert 47051 Main- 27
– Hildegard
47249 Großenbaumer Allee 255
– Petra 47051 Main- 27
Schulzek Fritz
47249 Swakopmunder Pfad 19
– Petek 47239 Düsseldorfer- 84
– Ruth 47249 Swakopmunder Pfad 19
Schulzig Karl-Heinz
47138 Angenbrück- 29
Schulzke Berta
47249 Altenbrucher Damm 48
– Marion 47198 Breslauer- 6
– Renate
47198 Dr.-Rudolf-Sachtleben- 9
Schulzki Christa
47269 Angermunder- 147
– Dieter 47055 Ulmen- 31
– Ellen 47269 Salzach- 13
– Helga 47249 Adenauer- 18
– Jessica 47269 Salzach- 13
– Jörg 47269 Angermunder- 173
– Luise 47269 Angermunder- 84
– Martina 47269 Angermunder- 173
– Paul 47179 Dr.-Wilhelm-Roelen- 97
– Petra 47169 Mühlbachwinkel 13
– Reinhard 47169 Mühlbachwinkel 13
– Reinhold 47139 Friedrich-Ebert- 431
– Rudolf 47169 Alsenrader- 33
– Vanessa 47055 Ulmen- 31
Schumach Eberhard
47167 Otto-Hahn- 1
– Eckhard 47058 Hansa- 32
– Erika 47269 Zur Ruhr- 63
– Gerda 47167 Ruprecht- 17
– Gerhard 47167 Kaiser-Friedrich- 158b
– Holger 47169 Kaiser-Friedrich- 105
– Maria 47167 Otto-Hahn- 1
Schumacher Adelheid
47279 Im Grünen Winkel 13
– Alexandra 47057 Gneisenau- 60
– Alwine 47198 Barbara- 8
– Amalie 47119 Fürst-Bismarck- 8
– Andrea 47055 Damaschke- 25
– Andreas 47249 Nürnberger- 11
– Andreas 47249 Steiermark- 95
– Andreas 47058 Duissern- 84
– Andreas 47058 Mülheimer- 125
– Angela 47178 Kirchweg 16
– Angelika 47239 Am Buchenbusch 14
– Angelika 47058 Blumenthal- 48
– Angelika 47169 Julius-Birck- 17
– Anja 47249 Ohlauer- 16
– Anja 47166 Tieck- 5
– Anna 47166 Eilperhof- 5
– Anna-Rose 47058 Winkel- 11
– Annegret 47167 Obermarxloher- 182
– Annemarie
47229 Walther-Rathenau- 31
– Annette 47055 Kalkweg 132
– Barbara 47166 Emscher- 177
– Barbara 47166 Simrock- 5
– Barbara 47169 Rhein- 7
– Beate 47239 Giesenfeld- 38
– Belinda 47179 Kamp- 26a
– Benno 47166 Geest- 37
– Betty 47051 Realschul- 31
– Bianka 47259 Meister-Arenz- 34
– Bianka 47057 Pappen- 39
Einwohner Namen-Teil
A-DU	Firmen, Gewerbebetriebe usw. nach Namen – siehe gelber Teil
